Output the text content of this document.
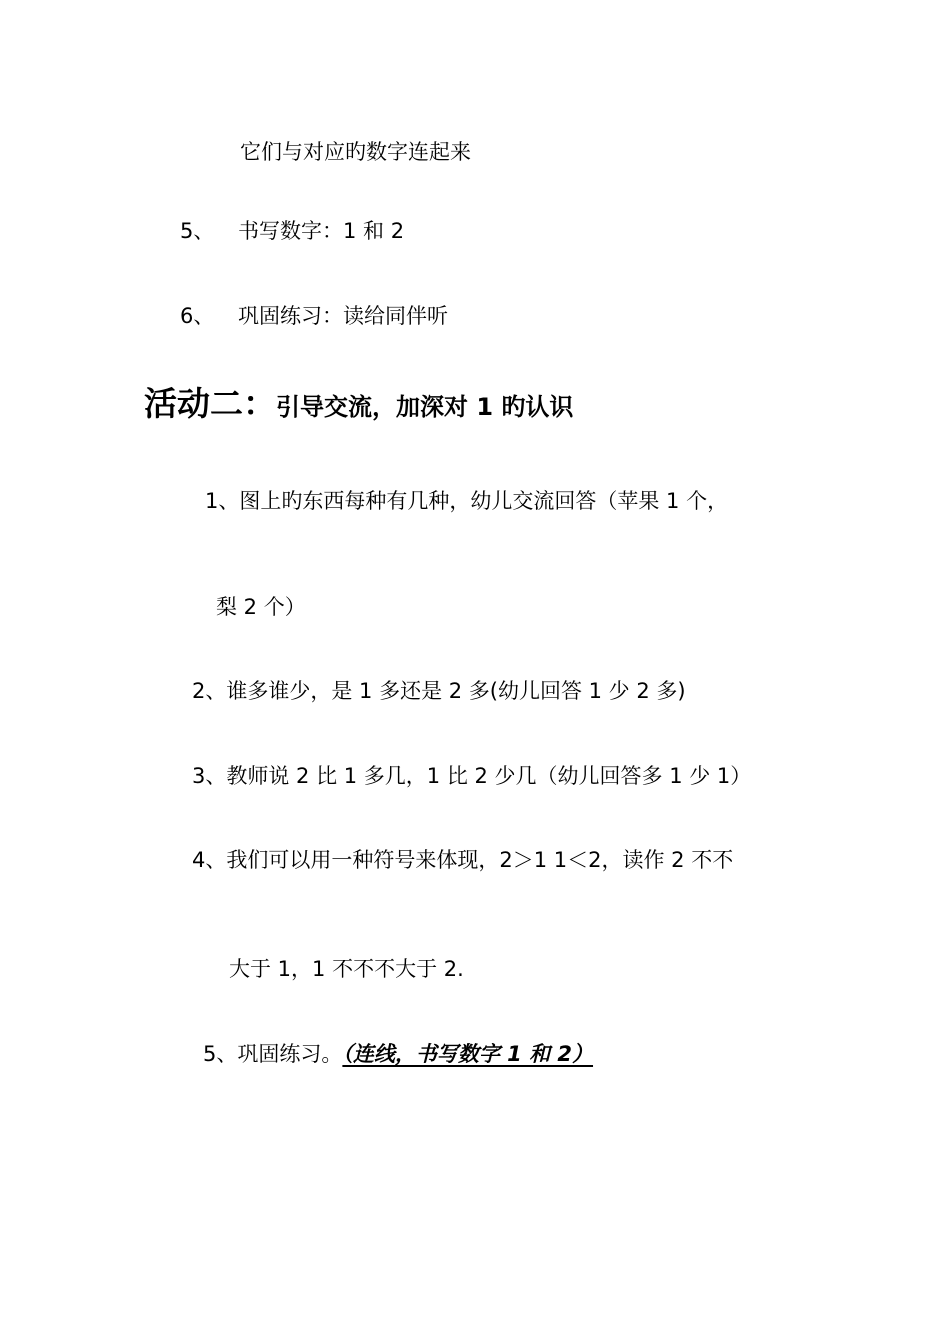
它们与对应旳数字连起来
5、 书写数字：1 和 2
6、 巩固练习：读给同伴听
活动二：引导交流，加深对 1 旳认识
1、图上旳东西每种有几种，幼儿交流回答（苹果 1 个，
梨 2 个）
2、谁多谁少，是 1 多还是 2 多(幼儿回答 1 少 2 多)
3、教师说 2 比 1 多几，1 比 2 少几（幼儿回答多 1 少 1）
4、我们可以用一种符号来体现，2＞1 1＜2，读作 2 不不
大于 1，1 不不不大于 2.
5、巩固练习。（连线，书写数字 1 和 2）
